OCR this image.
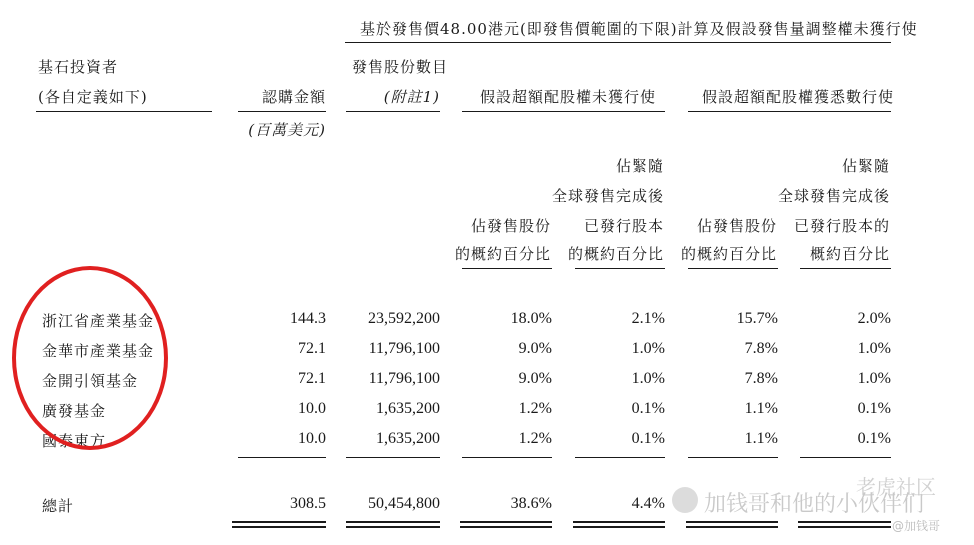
基於發售價48.00港元(即發售價範圍的下限)計算及假設發售量調整權未獲行使
基石投資者
(各自定義如下)	認購金額
(百萬美元)
發售股份數目
(附註1)	假設超額配股權未獲行使	假設超額配股權獲悉數行使
佔發售股份
的概約百分比
佔緊隨
全球發售完成後
已發行股本
的概約百分比
佔發售股份
的概約百分比
佔緊隨
全球發售完成後
已發行股本的
概約百分比
浙江省產業基金	144.3	23,592,200	18.0%	2.1%	15.7%	2.0%
金華市產業基金	72.1	11,796,100	9.0%	1.0%	7.8%	1.0%
金開引領基金	72.1	11,796,100	9.0%	1.0%	7.8%	1.0%
廣發基金	10.0	1,635,200	1.2%	0.1%	1.1%	0.1%
國泰東方	10.0	1,635,200	1.2%	0.1%	1.1%	0.1%
總計	308.5	50,454,800	38.6%	4.4%
老虎社区
加钱哥和他的小伙伴们
@加钱哥
